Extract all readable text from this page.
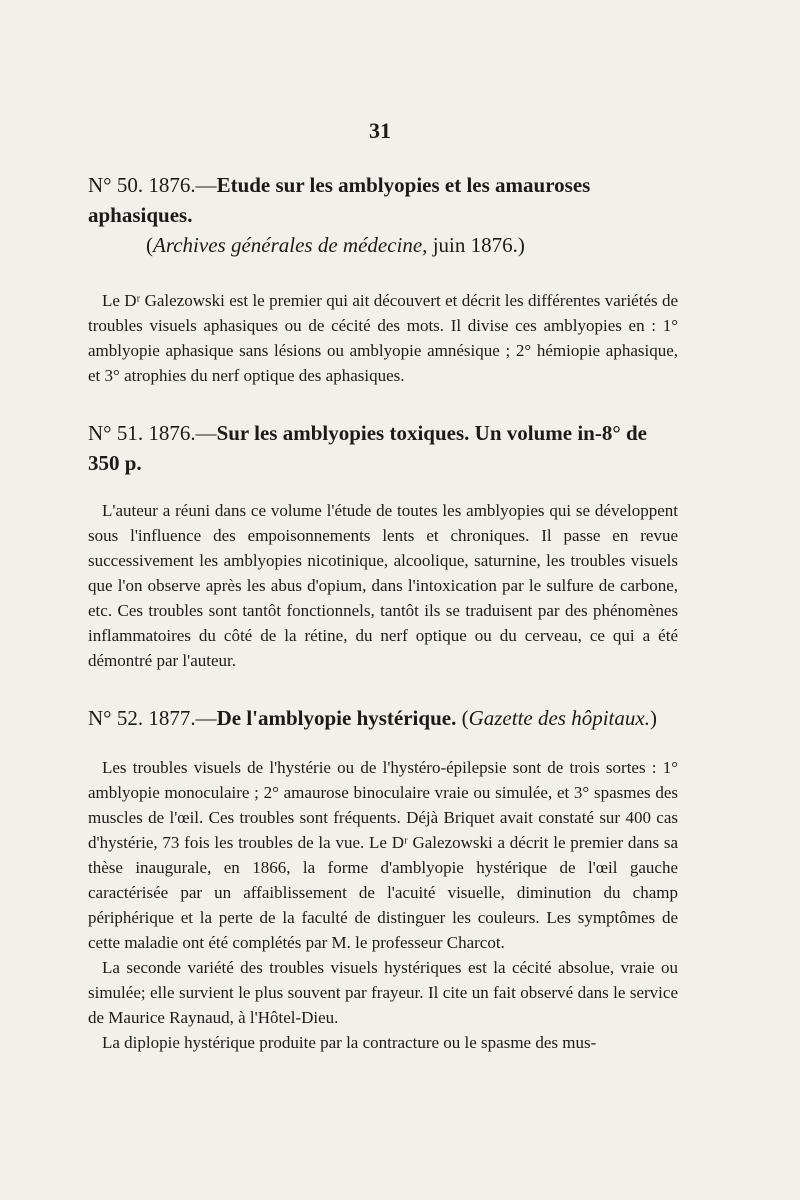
31

N° 50. 1876.—Etude sur les amblyopies et les amauroses aphasiques.
(Archives générales de médecine, juin 1876.)

Le Dʳ Galezowski est le premier qui ait découvert et décrit les différentes variétés de troubles visuels aphasiques ou de cécité des mots. Il divise ces amblyopies en : 1° amblyopie aphasique sans lésions ou amblyopie amnésique ; 2° hémiopie aphasique, et 3° atrophies du nerf optique des aphasiques.

N° 51. 1876.—Sur les amblyopies toxiques. Un volume in-8° de 350 p.

L'auteur a réuni dans ce volume l'étude de toutes les amblyopies qui se développent sous l'influence des empoisonnements lents et chroniques. Il passe en revue successivement les amblyopies nicotinique, alcoolique, saturnine, les troubles visuels que l'on observe après les abus d'opium, dans l'intoxication par le sulfure de carbone, etc. Ces troubles sont tantôt fonctionnels, tantôt ils se traduisent par des phénomènes inflammatoires du côté de la rétine, du nerf optique ou du cerveau, ce qui a été démontré par l'auteur.

N° 52. 1877.—De l'amblyopie hystérique. (Gazette des hôpitaux.)

Les troubles visuels de l'hystérie ou de l'hystéro-épilepsie sont de trois sortes : 1° amblyopie monoculaire ; 2° amaurose binoculaire vraie ou simulée, et 3° spasmes des muscles de l'œil. Ces troubles sont fréquents. Déjà Briquet avait constaté sur 400 cas d'hystérie, 73 fois les troubles de la vue. Le Dʳ Galezowski a décrit le premier dans sa thèse inaugurale, en 1866, la forme d'amblyopie hystérique de l'œil gauche caractérisée par un affaiblissement de l'acuité visuelle, diminution du champ périphérique et la perte de la faculté de distinguer les couleurs. Les symptômes de cette maladie ont été complétés par M. le professeur Charcot.

La seconde variété des troubles visuels hystériques est la cécité absolue, vraie ou simulée; elle survient le plus souvent par frayeur. Il cite un fait observé dans le service de Maurice Raynaud, à l'Hôtel-Dieu.

La diplopie hystérique produite par la contracture ou le spasme des mus-
